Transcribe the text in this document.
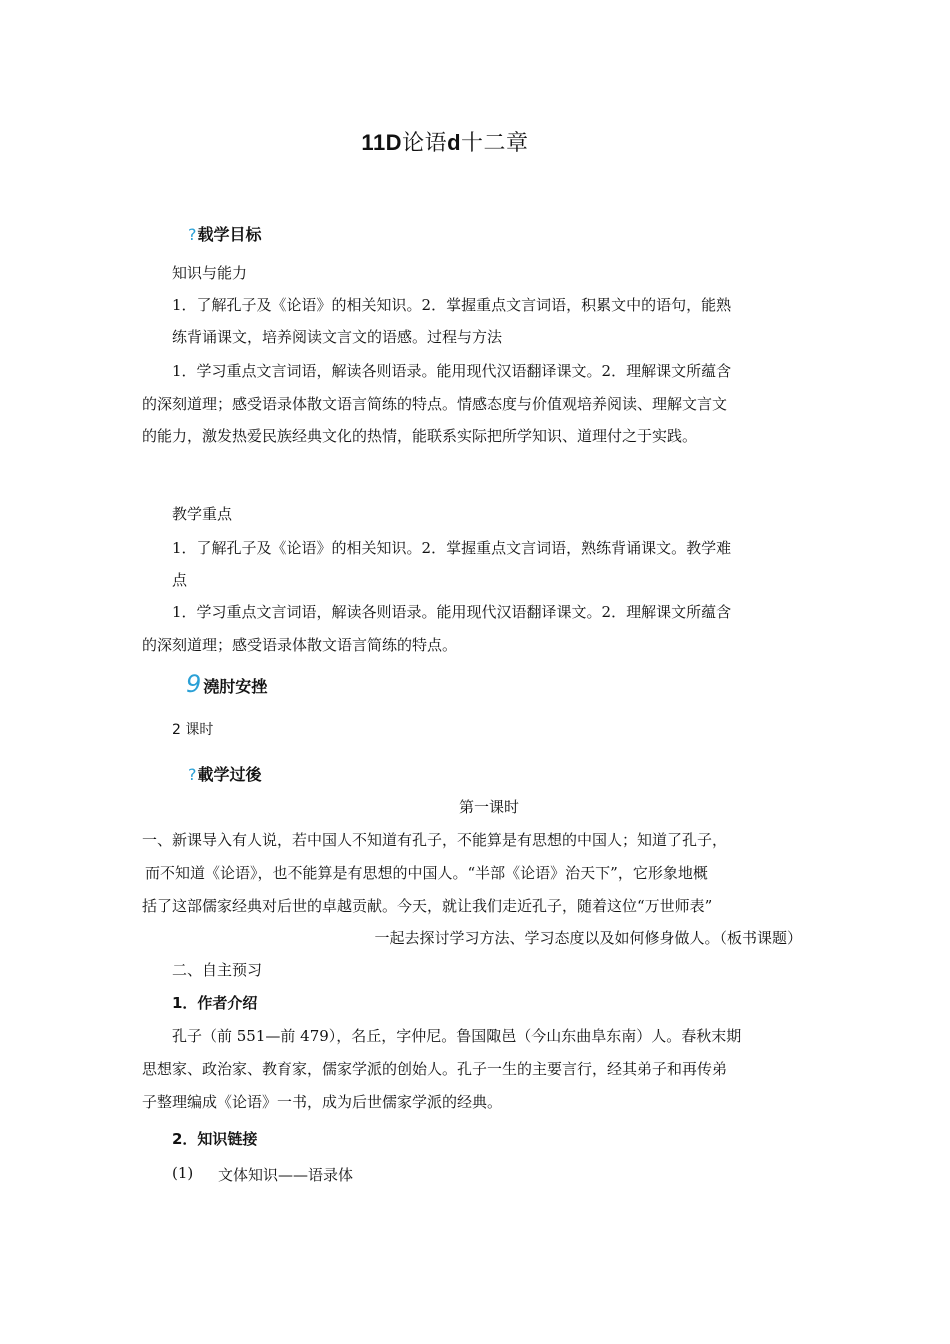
11D论语d十二章
?载学目标
知识与能力
1．了解孔子及《论语》的相关知识。2．掌握重点文言词语，积累文中的语句，能熟
练背诵课文，培养阅读文言文的语感。过程与方法
1．学习重点文言词语，解读各则语录。能用现代汉语翻译课文。2．理解课文所蕴含
的深刻道理；感受语录体散文语言简练的特点。情感态度与价值观培养阅读、理解文言文
的能力，激发热爱民族经典文化的热情，能联系实际把所学知识、道理付之于实践。
教学重点
1．了解孔子及《论语》的相关知识。2．掌握重点文言词语，熟练背诵课文。教学难
点
1．学习重点文言词语，解读各则语录。能用现代汉语翻译课文。2．理解课文所蕴含
的深刻道理；感受语录体散文语言简练的特点。
9 澆肘安挫
2 课时
?載学过後
第一课时
一、新课导入有人说，若中国人不知道有孔子，不能算是有思想的中国人；知道了孔子，
而不知道《论语》，也不能算是有思想的中国人。“半部《论语》治天下”，它形象地概
括了这部儒家经典对后世的卓越贡献。今天，就让我们走近孔子，随着这位“万世师表”
一起去探讨学习方法、学习态度以及如何修身做人。（板书课题）
二、自主预习
1．作者介绍
孔子（前 551—前 479），名丘，字仲尼。鲁国陬邑（今山东曲阜东南）人。春秋末期
思想家、政治家、教育家，儒家学派的创始人。孔子一生的主要言行，经其弟子和再传弟
子整理编成《论语》一书，成为后世儒家学派的经典。
2．知识链接
(1) 文体知识——语录体
